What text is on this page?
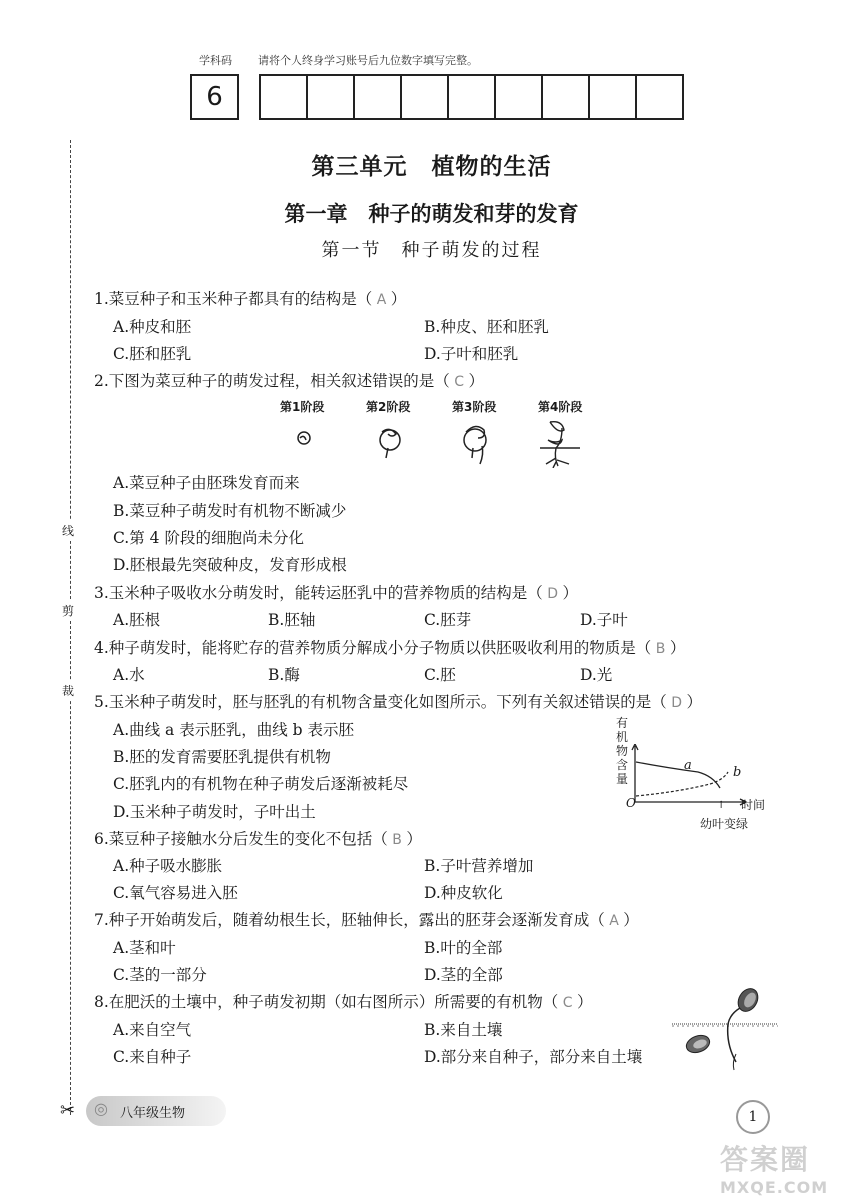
学科码 请将个人终身学习账号后九位数字填写完整。
6
线
剪
裁
✂
第三单元　植物的生活
第一章　种子的萌发和芽的发育
第一节　种子萌发的过程
1.菜豆种子和玉米种子都具有的结构是（ A ）
A.种皮和胚	B.种皮、胚和胚乳
C.胚和胚乳	D.子叶和胚乳
2.下图为菜豆种子的萌发过程，相关叙述错误的是（ C ）
第1阶段	第2阶段	第3阶段	第4阶段
A.菜豆种子由胚珠发育而来
B.菜豆种子萌发时有机物不断减少
C.第 4 阶段的细胞尚未分化
D.胚根最先突破种皮，发育形成根
3.玉米种子吸收水分萌发时，能转运胚乳中的营养物质的结构是（ D ）
A.胚根	B.胚轴	C.胚芽	D.子叶
4.种子萌发时，能将贮存的营养物质分解成小分子物质以供胚吸收利用的物质是（ B ）
A.水	B.酶	C.胚	D.光
5.玉米种子萌发时，胚与胚乳的有机物含量变化如图所示。下列有关叙述错误的是（ D ）
A.曲线 a 表示胚乳，曲线 b 表示胚
B.胚的发育需要胚乳提供有机物
C.胚乳内的有机物在种子萌发后逐渐被耗尽
D.玉米种子萌发时，子叶出土
有
机
物
含
量
a	b
O	时间
↑
幼叶变绿
6.菜豆种子接触水分后发生的变化不包括（ B ）
A.种子吸水膨胀	B.子叶营养增加
C.氧气容易进入胚	D.种皮软化
7.种子开始萌发后，随着幼根生长，胚轴伸长，露出的胚芽会逐渐发育成（ A ）
A.茎和叶	B.叶的全部
C.茎的一部分	D.茎的全部
8.在肥沃的土壤中，种子萌发初期（如右图所示）所需要的有机物（ C ）
A.来自空气	B.来自土壤
C.来自种子	D.部分来自种子，部分来自土壤
◎ 八年级生物	1
答案圈
MXQE.COM
